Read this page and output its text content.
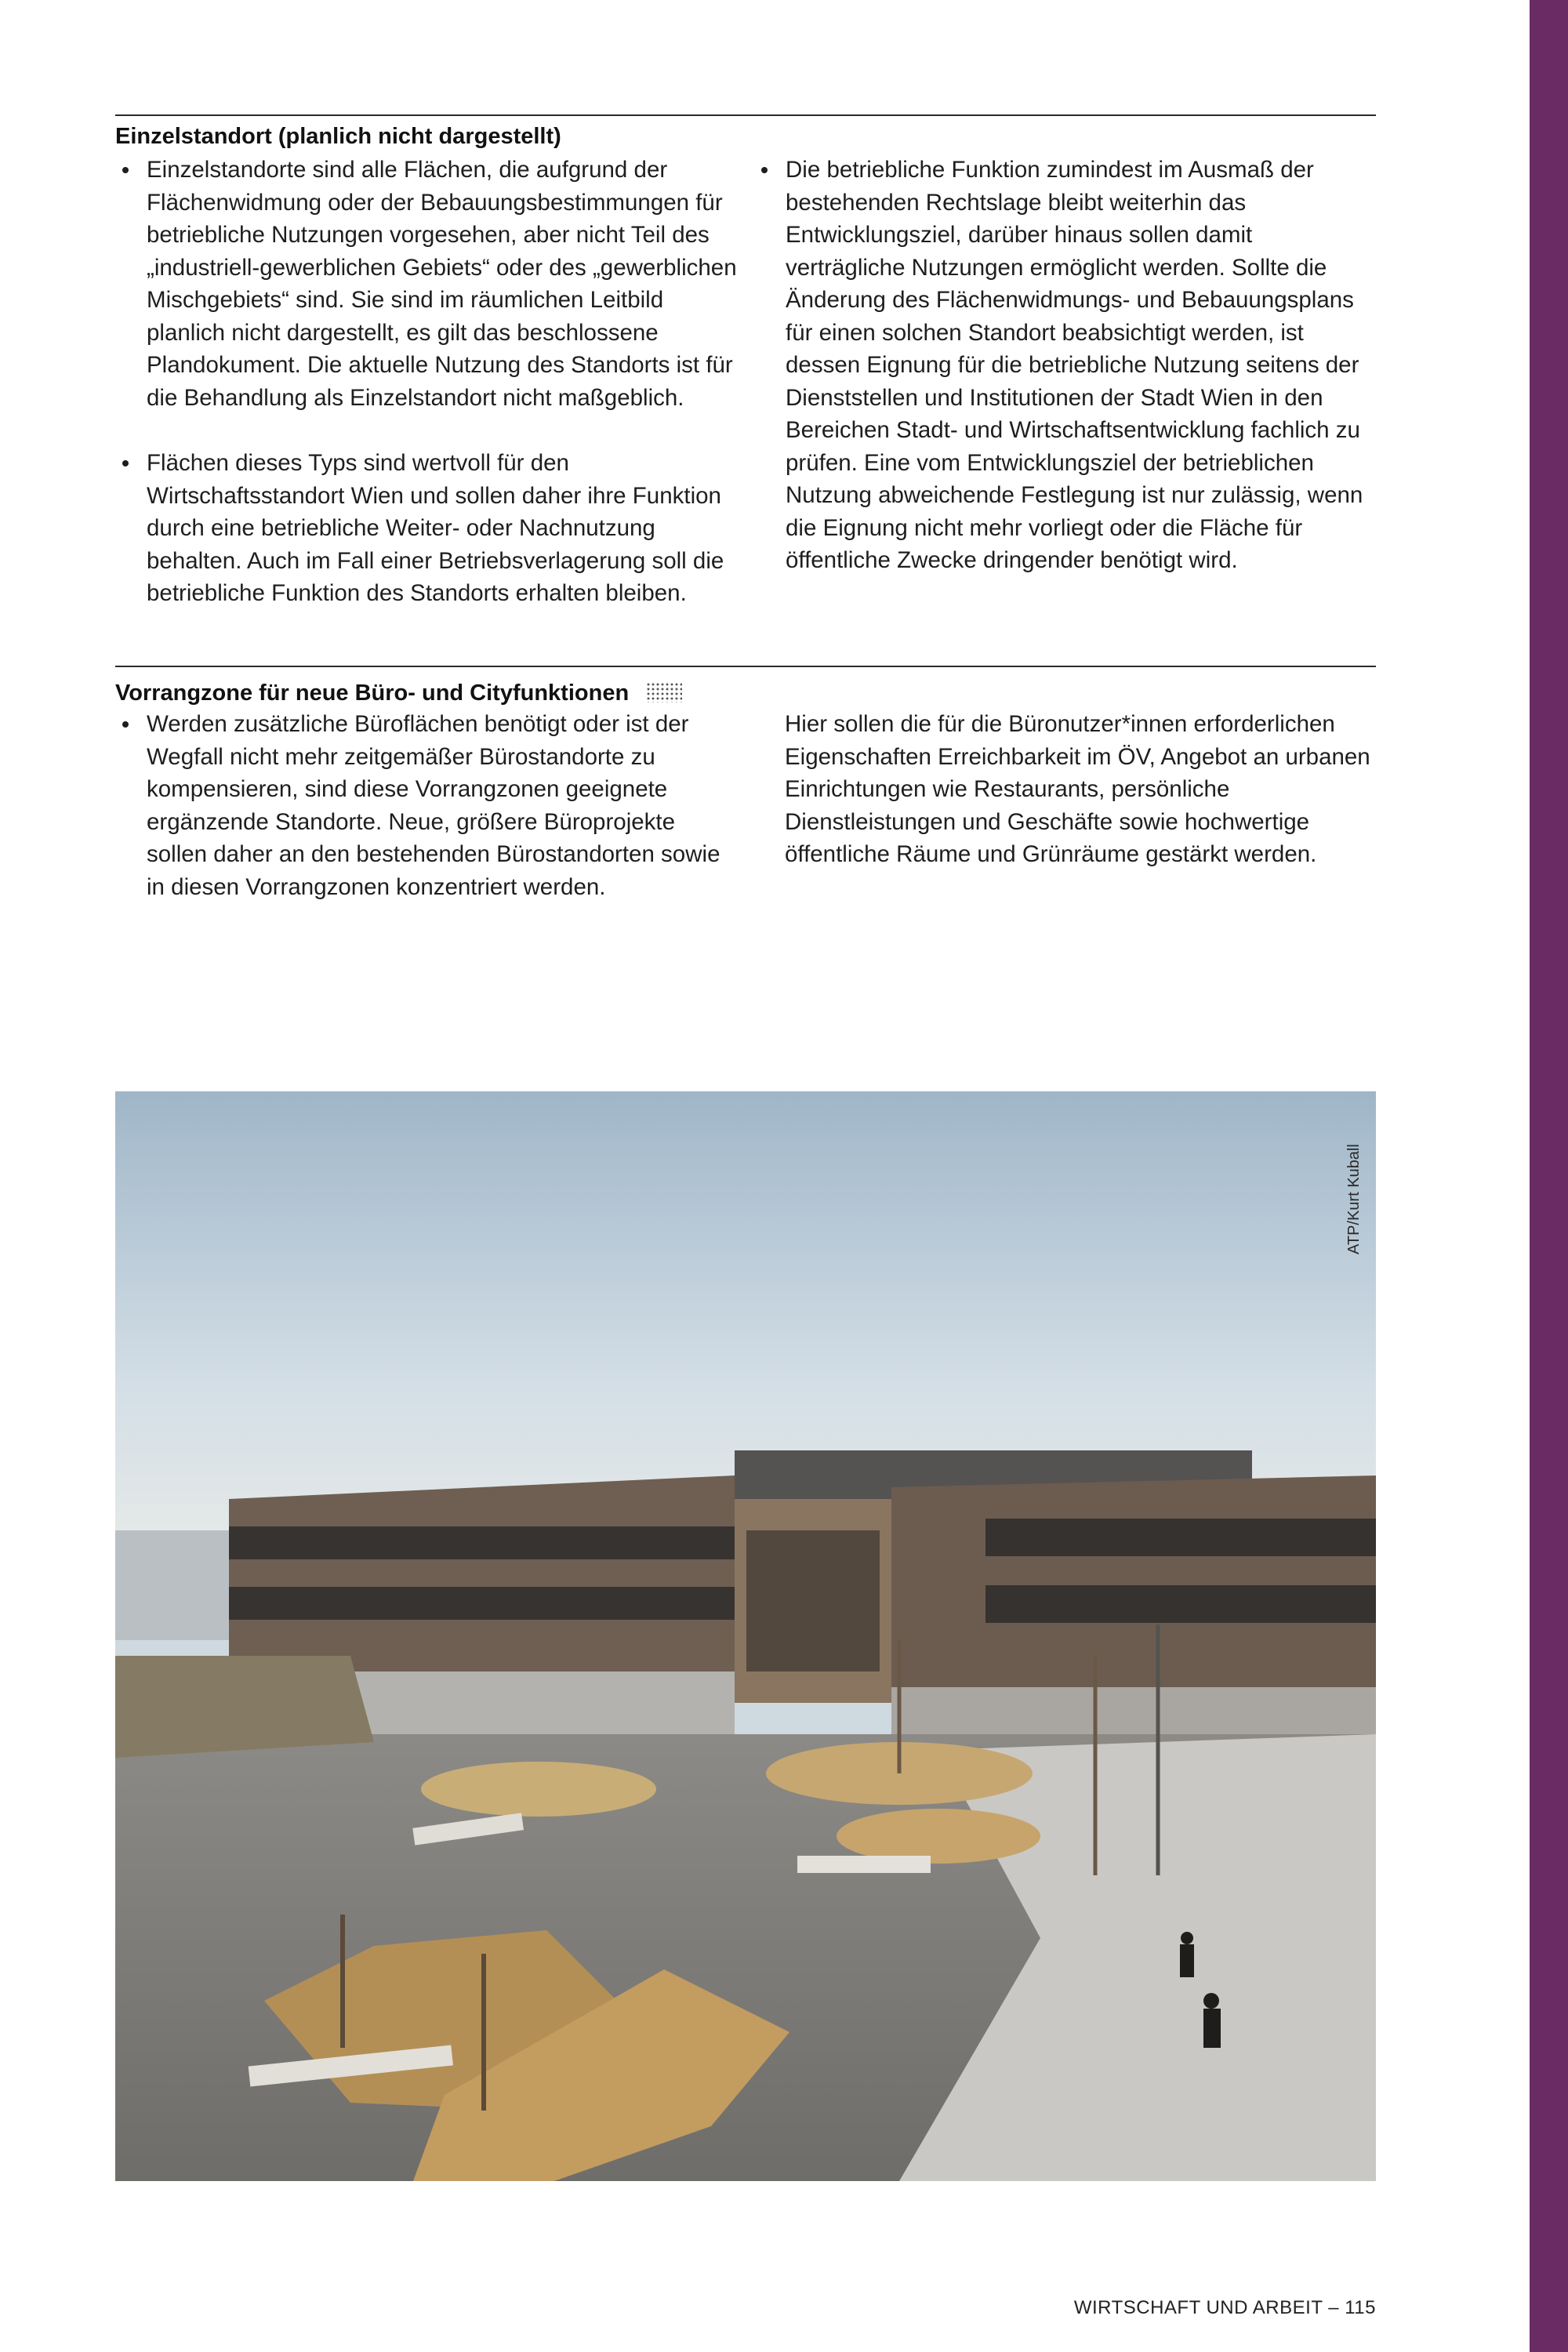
Einzelstandort (planlich nicht dargestellt)

Einzelstandorte sind alle Flächen, die aufgrund der Flächenwidmung oder der Bebauungsbestimmungen für betriebliche Nutzungen vorgesehen, aber nicht Teil des „industriell-gewerblichen Gebiets“ oder des „gewerblichen Mischgebiets“ sind. Sie sind im räumlichen Leitbild planlich nicht dargestellt, es gilt das beschlossene Plandokument. Die aktuelle Nutzung des Standorts ist für die Behandlung als Einzelstandort nicht maßgeblich.

Flächen dieses Typs sind wertvoll für den Wirtschaftsstandort Wien und sollen daher ihre Funktion durch eine betriebliche Weiter- oder Nachnutzung behalten. Auch im Fall einer Betriebsverlagerung soll die betriebliche Funktion des Standorts erhalten bleiben.

Die betriebliche Funktion zumindest im Ausmaß der bestehenden Rechtslage bleibt weiterhin das Entwicklungsziel, darüber hinaus sollen damit verträgliche Nutzungen ermöglicht werden. Sollte die Änderung des Flächenwidmungs- und Bebauungsplans für einen solchen Standort beabsichtigt werden, ist dessen Eignung für die betriebliche Nutzung seitens der Dienststellen und Institutionen der Stadt Wien in den Bereichen Stadt- und Wirtschaftsentwicklung fachlich zu prüfen. Eine vom Entwicklungsziel der betrieblichen Nutzung abweichende Festlegung ist nur zulässig, wenn die Eignung nicht mehr vorliegt oder die Fläche für öffentliche Zwecke dringender benötigt wird.

Vorrangzone für neue Büro- und Cityfunktionen

Werden zusätzliche Büroflächen benötigt oder ist der Wegfall nicht mehr zeitgemäßer Bürostandorte zu kompensieren, sind diese Vorrangzonen geeignete ergänzende Standorte. Neue, größere Büroprojekte sollen daher an den bestehenden Bürostandorten sowie in diesen Vorrangzonen konzentriert werden.

Hier sollen die für die Büronutzer*innen erforderlichen Eigenschaften Erreichbarkeit im ÖV, Angebot an urbanen Einrichtungen wie Restaurants, persönliche Dienstleistungen und Geschäfte sowie hochwertige öffentliche Räume und Grünräume gestärkt werden.

WIRTSCHAFT UND ARBEIT – 115
